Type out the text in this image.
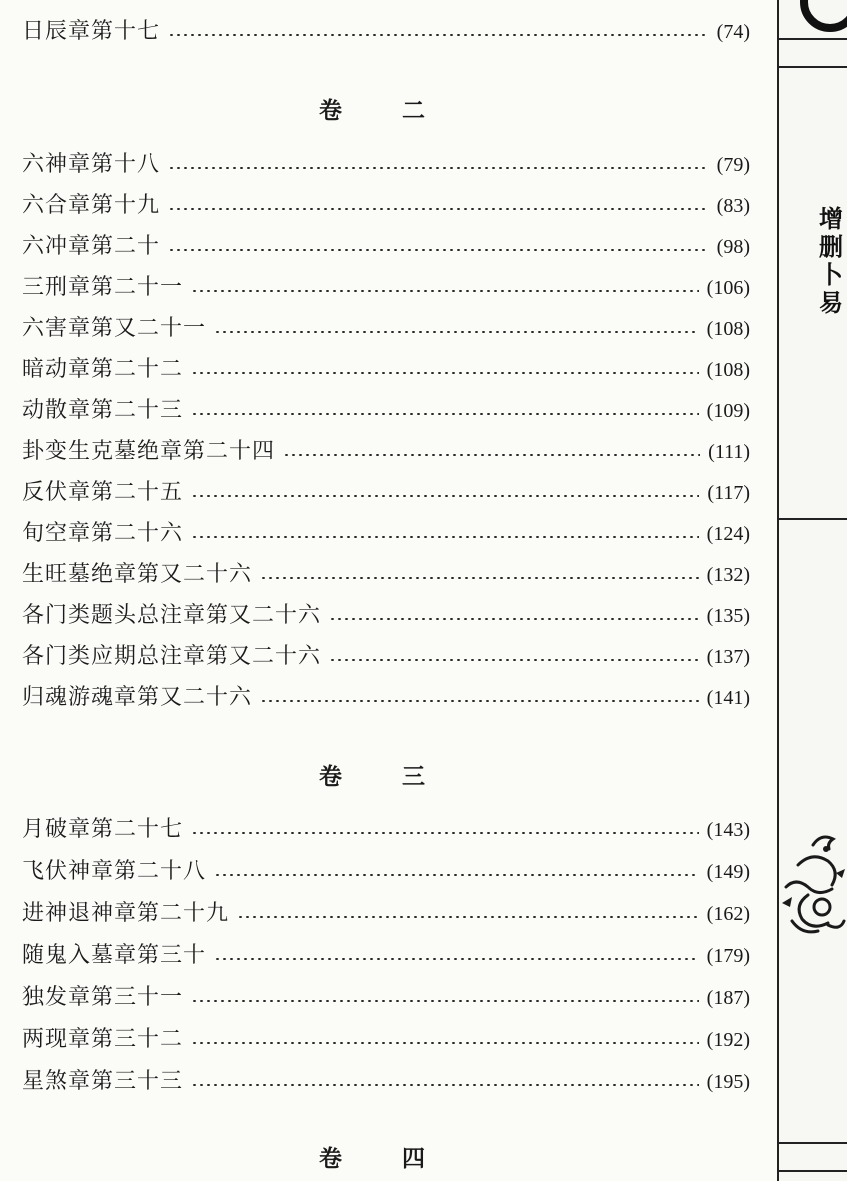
日辰章第十七	(74)
卷 二
六神章第十八	(79)
六合章第十九	(83)
六冲章第二十	(98)
三刑章第二十一	(106)
六害章第又二十一	(108)
暗动章第二十二	(108)
动散章第二十三	(109)
卦变生克墓绝章第二十四	(111)
反伏章第二十五	(117)
旬空章第二十六	(124)
生旺墓绝章第又二十六	(132)
各门类题头总注章第又二十六	(135)
各门类应期总注章第又二十六	(137)
归魂游魂章第又二十六	(141)
卷 三
月破章第二十七	(143)
飞伏神章第二十八	(149)
进神退神章第二十九	(162)
随鬼入墓章第三十	(179)
独发章第三十一	(187)
两现章第三十二	(192)
星煞章第三十三	(195)
卷 四
增
删
卜
易
